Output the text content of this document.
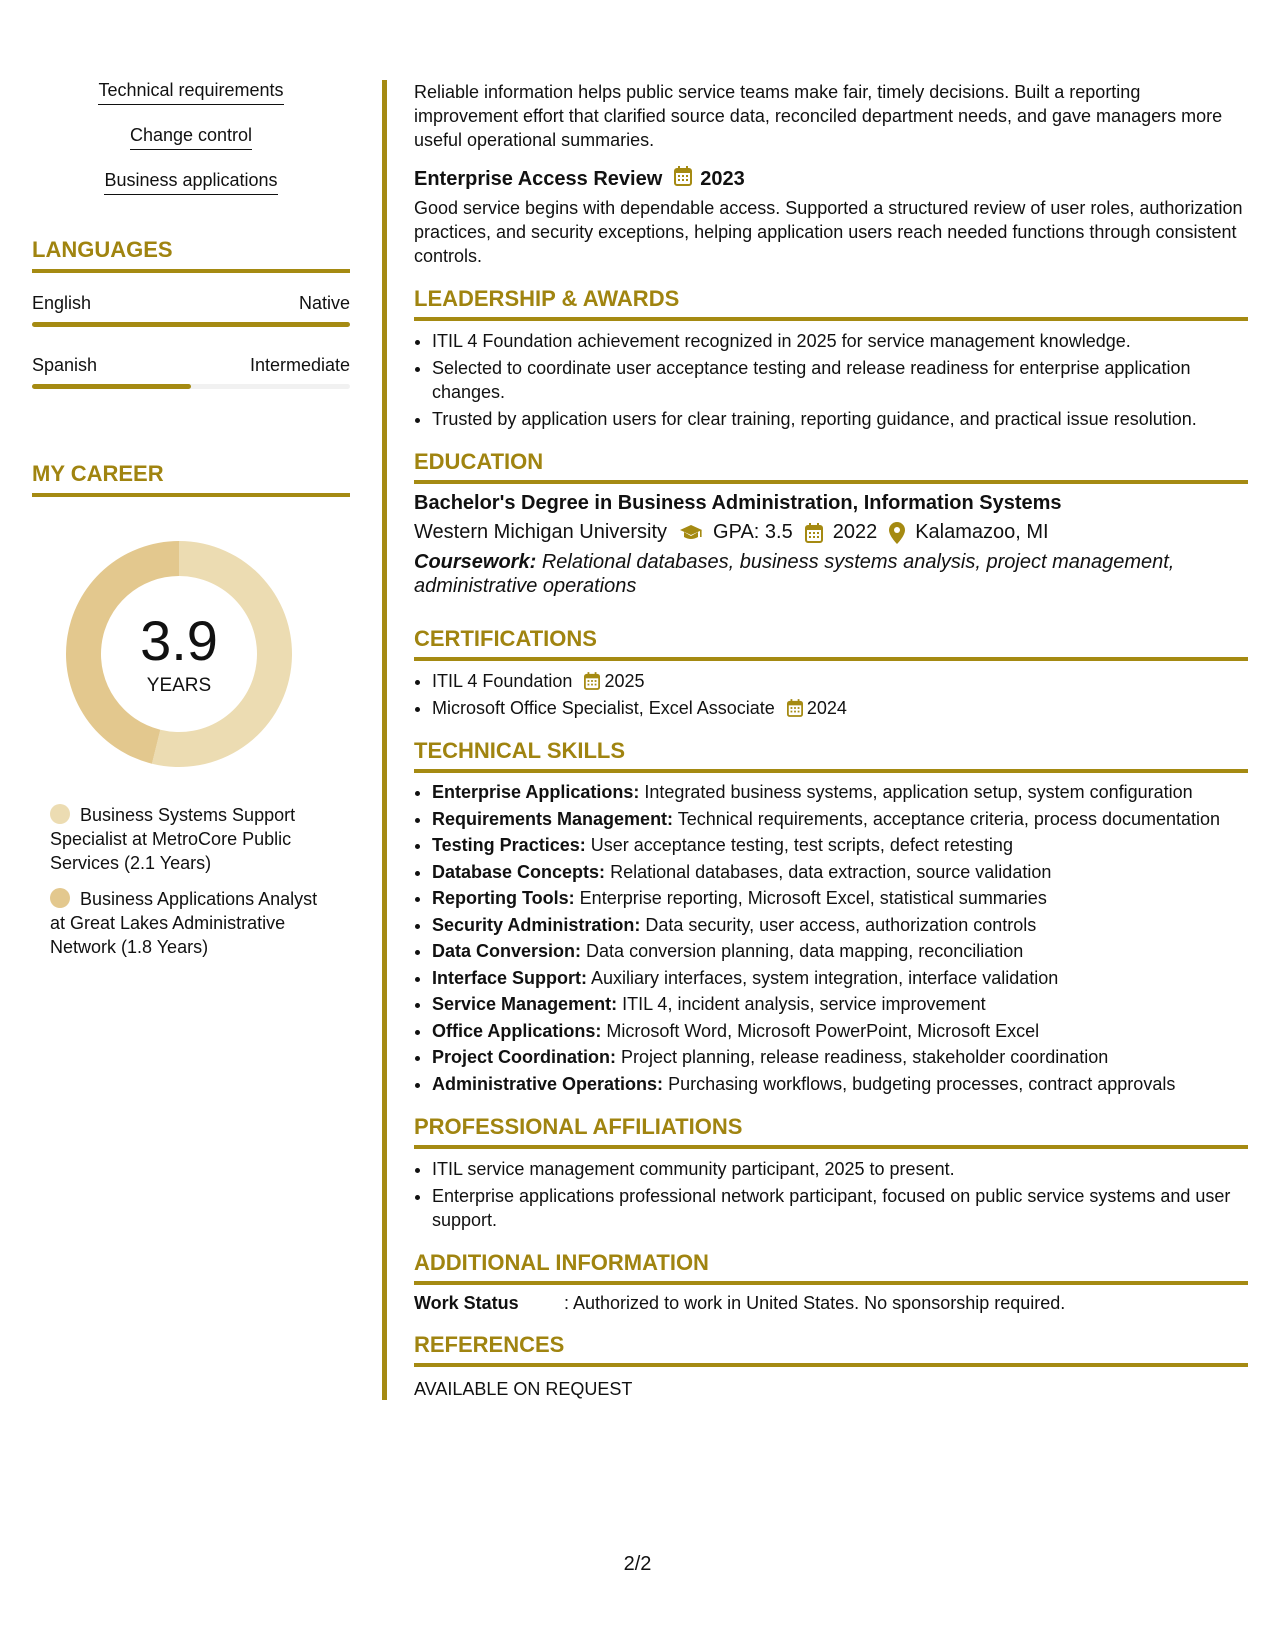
Technical requirements
Change control
Business applications
LANGUAGES
English	Native
Spanish	Intermediate
MY CAREER
3.9
YEARS
Business Systems Support Specialist at MetroCore Public Services (2.1 Years)
Business Applications Analyst at Great Lakes Administrative Network (1.8 Years)

Reliable information helps public service teams make fair, timely decisions. Built a reporting improvement effort that clarified source data, reconciled department needs, and gave managers more useful operational summaries.

Enterprise Access Review 2023

Good service begins with dependable access. Supported a structured review of user roles, authorization practices, and security exceptions, helping application users reach needed functions through consistent controls.

LEADERSHIP & AWARDS
• ITIL 4 Foundation achievement recognized in 2025 for service management knowledge.
• Selected to coordinate user acceptance testing and release readiness for enterprise application changes.
• Trusted by application users for clear training, reporting guidance, and practical issue resolution.
EDUCATION
Bachelor's Degree in Business Administration, Information Systems
Western Michigan University GPA: 3.5 2022 Kalamazoo, MI
Coursework: Relational databases, business systems analysis, project management, administrative operations
CERTIFICATIONS
• ITIL 4 Foundation 2025
• Microsoft Office Specialist, Excel Associate 2024
TECHNICAL SKILLS
• Enterprise Applications: Integrated business systems, application setup, system configuration
• Requirements Management: Technical requirements, acceptance criteria, process documentation
• Testing Practices: User acceptance testing, test scripts, defect retesting
• Database Concepts: Relational databases, data extraction, source validation
• Reporting Tools: Enterprise reporting, Microsoft Excel, statistical summaries
• Security Administration: Data security, user access, authorization controls
• Data Conversion: Data conversion planning, data mapping, reconciliation
• Interface Support: Auxiliary interfaces, system integration, interface validation
• Service Management: ITIL 4, incident analysis, service improvement
• Office Applications: Microsoft Word, Microsoft PowerPoint, Microsoft Excel
• Project Coordination: Project planning, release readiness, stakeholder coordination
• Administrative Operations: Purchasing workflows, budgeting processes, contract approvals
PROFESSIONAL AFFILIATIONS
• ITIL service management community participant, 2025 to present.
• Enterprise applications professional network participant, focused on public service systems and user support.
ADDITIONAL INFORMATION
Work Status	: Authorized to work in United States. No sponsorship required.
REFERENCES
AVAILABLE ON REQUEST
2/2
